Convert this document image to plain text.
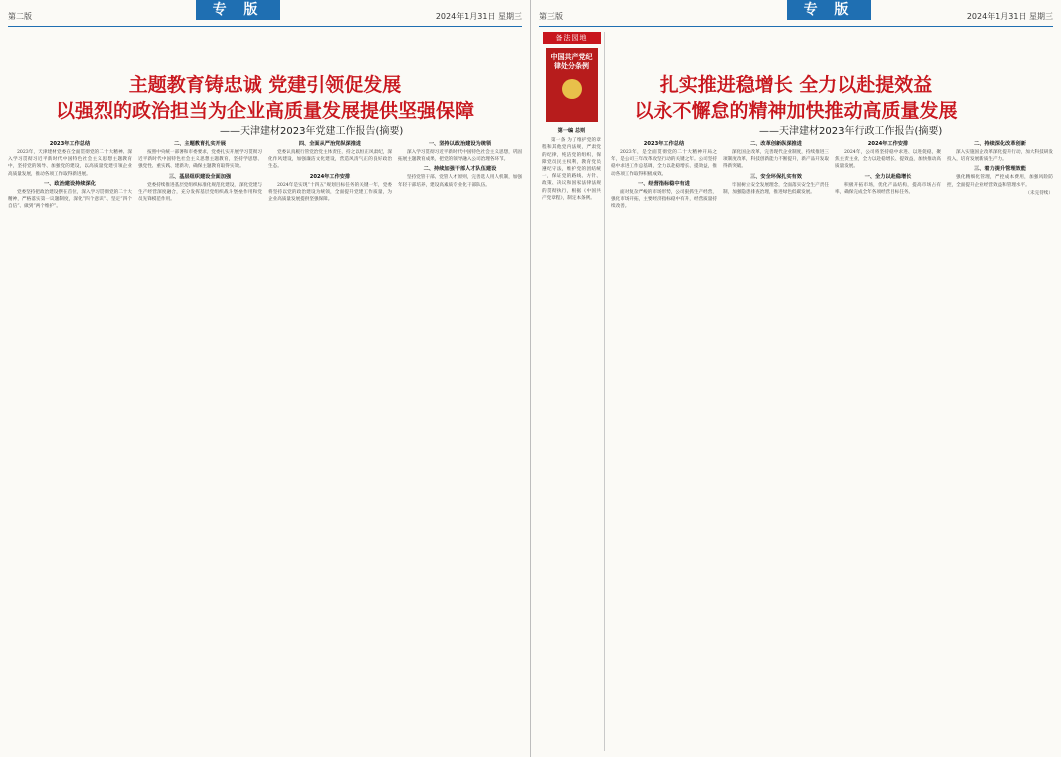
专 版
第二版	2024年1月31日 星期三
主题教育铸忠诚 党建引领促发展
以强烈的政治担当为企业高质量发展提供坚强保障
——天津建材2023年党建工作报告(摘要)
2023年工作总结

2023年，天津建材党委在全面贯彻党的二十大精神、深入学习贯彻习近平新时代中国特色社会主义思想主题教育中，坚持党的领导、加强党的建设，以高质量党建引领企业高质量发展，推动各项工作取得新进展。

一、政治建设持续深化

党委坚持把政治建设摆在首位，深入学习贯彻党的二十大精神，严格落实第一议题制度，深化“四个意识”、坚定“四个自信”、做到“两个维护”。

二、主题教育扎实开展

按照中央统一部署和市委要求，党委扎实开展学习贯彻习近平新时代中国特色社会主义思想主题教育，坚持学思想、强党性、重实践、建新功，确保主题教育取得实效。

三、基层组织建设全面加强

党委持续推进基层党组织标准化规范化建设，深化党建与生产经营深度融合，充分发挥基层党组织战斗堡垒作用和党员先锋模范作用。

四、全面从严治党纵深推进

党委认真履行管党治党主体责任，持之以恒正风肃纪，深化作风建设，加强廉洁文化建设，营造风清气正的良好政治生态。

2024年工作安排

2024年是实现“十四五”规划目标任务的关键一年，党委将坚持以党的政治建设为统领，全面提升党建工作质量，为企业高质量发展提供坚强保障。

一、坚持以政治建设为统领

深入学习贯彻习近平新时代中国特色社会主义思想，巩固拓展主题教育成果，把党的领导融入公司治理各环节。

二、持续加强干部人才队伍建设

坚持党管干部、党管人才原则，完善选人用人机制，加强年轻干部培养，建设高素质专业化干部队伍。

专 版
第三版	2024年1月31日 星期三
备法园地
中国共产党纪律处分条例
第一编 总则

第一条 为了维护党的章程和其他党内法规，严肃党的纪律，纯洁党的组织，保障党员民主权利，教育党员遵纪守法，维护党的团结统一，保证党的路线、方针、政策、决议和国家法律法规的贯彻执行，根据《中国共产党章程》，制定本条例。

扎实推进稳增长 全力以赴提效益
以永不懈怠的精神加快推动高质量发展
——天津建材2023年行政工作报告(摘要)
2023年工作总结

2023年，是全面贯彻党的二十大精神开局之年，是公司三年改革攻坚行动的关键之年。公司坚持稳中求进工作总基调，全力以赴稳增长、提效益，推动各项工作取得积极成效。

一、经营指标稳中有进

面对复杂严峻的市场形势，公司狠抓生产经营，强化市场开拓，主要经济指标稳中有升，经营质量持续改善。

二、改革创新纵深推进

深化国企改革，完善现代企业制度，持续推进三项制度改革，科技创新能力不断提升，新产品开发取得新突破。

三、安全环保扎实有效

牢固树立安全发展理念，全面落实安全生产责任制，加强隐患排查治理，推进绿色低碳发展。

2024年工作安排

2024年，公司将坚持稳中求进、以进促稳，聚焦主责主业，全力以赴稳增长、提效益，加快推动高质量发展。

一、全力以赴稳增长

积极开拓市场，优化产品结构，提高市场占有率，确保完成全年各项经营目标任务。

二、持续深化改革创新

深入实施国企改革深化提升行动，加大科技研发投入，培育发展新质生产力。

三、着力提升管理效能

强化精细化管理，严控成本费用，加强风险防控，全面提升企业经营效益和管理水平。

（未完待续）
